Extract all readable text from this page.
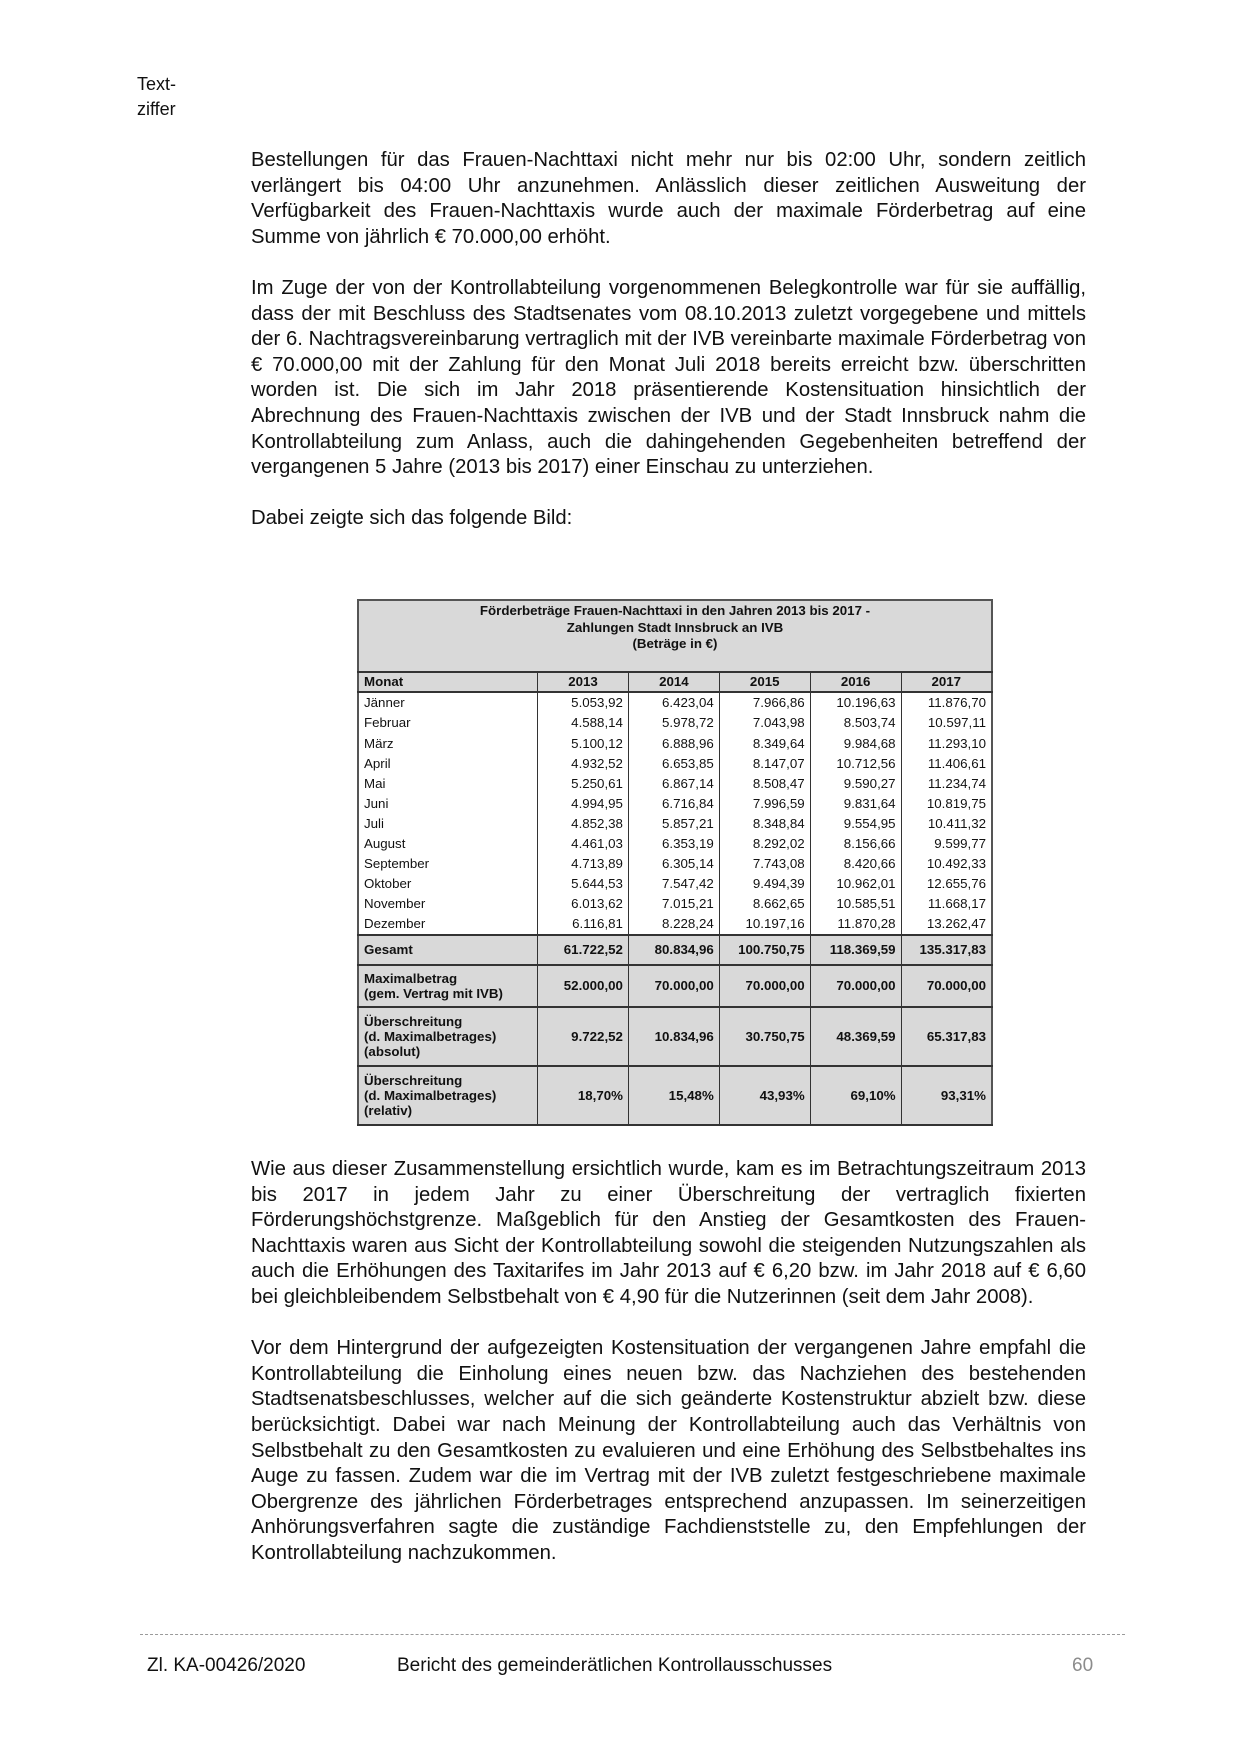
Text-
ziffer

Bestellungen für das Frauen-Nachttaxi nicht mehr nur bis 02:00 Uhr, sondern zeitlich verlängert bis 04:00 Uhr anzunehmen. Anlässlich dieser zeitlichen Ausweitung der Verfügbarkeit des Frauen-Nachttaxis wurde auch der maximale Förderbetrag auf eine Summe von jährlich € 70.000,00 erhöht.

Im Zuge der von der Kontrollabteilung vorgenommenen Belegkontrolle war für sie auffällig, dass der mit Beschluss des Stadtsenates vom 08.10.2013 zuletzt vorgegebene und mittels der 6. Nachtragsvereinbarung vertraglich mit der IVB vereinbarte maximale Förderbetrag von € 70.000,00 mit der Zahlung für den Monat Juli 2018 bereits erreicht bzw. überschritten worden ist. Die sich im Jahr 2018 präsentierende Kostensituation hinsichtlich der Abrechnung des Frauen-Nachttaxis zwischen der IVB und der Stadt Innsbruck nahm die Kontrollabteilung zum Anlass, auch die dahingehenden Gegebenheiten betreffend der vergangenen 5 Jahre (2013 bis 2017) einer Einschau zu unterziehen.

Dabei zeigte sich das folgende Bild:

Förderbeträge Frauen-Nachttaxi in den Jahren 2013 bis 2017 -
Zahlungen Stadt Innsbruck an IVB
(Beträge in €)					

Monat	2013	2014	2015	2016	2017
Jänner	5.053,92	6.423,04	7.966,86	10.196,63	11.876,70
Februar	4.588,14	5.978,72	7.043,98	8.503,74	10.597,11
März	5.100,12	6.888,96	8.349,64	9.984,68	11.293,10
April	4.932,52	6.653,85	8.147,07	10.712,56	11.406,61
Mai	5.250,61	6.867,14	8.508,47	9.590,27	11.234,74
Juni	4.994,95	6.716,84	7.996,59	9.831,64	10.819,75
Juli	4.852,38	5.857,21	8.348,84	9.554,95	10.411,32
August	4.461,03	6.353,19	8.292,02	8.156,66	9.599,77
September	4.713,89	6.305,14	7.743,08	8.420,66	10.492,33
Oktober	5.644,53	7.547,42	9.494,39	10.962,01	12.655,76
November	6.013,62	7.015,21	8.662,65	10.585,51	11.668,17
Dezember	6.116,81	8.228,24	10.197,16	11.870,28	13.262,47
Gesamt	61.722,52	80.834,96	100.750,75	118.369,59	135.317,83

Maximalbetrag
(gem. Vertrag mit IVB)	52.000,00	70.000,00	70.000,00	70.000,00	70.000,00

Überschreitung
(d. Maximalbetrages)
(absolut)	9.722,52	10.834,96	30.750,75	48.369,59	65.317,83

Überschreitung
(d. Maximalbetrages)
(relativ)	18,70%	15,48%	43,93%	69,10%	93,31%

Wie aus dieser Zusammenstellung ersichtlich wurde, kam es im Betrachtungszeitraum 2013 bis 2017 in jedem Jahr zu einer Überschreitung der vertraglich fixierten Förderungshöchstgrenze. Maßgeblich für den Anstieg der Gesamtkosten des Frauen-Nachttaxis waren aus Sicht der Kontrollabteilung sowohl die steigenden Nutzungszahlen als auch die Erhöhungen des Taxitarifes im Jahr 2013 auf € 6,20 bzw. im Jahr 2018 auf € 6,60 bei gleichbleibendem Selbstbehalt von € 4,90 für die Nutzerinnen (seit dem Jahr 2008).

Vor dem Hintergrund der aufgezeigten Kostensituation der vergangenen Jahre empfahl die Kontrollabteilung die Einholung eines neuen bzw. das Nachziehen des bestehenden Stadtsenatsbeschlusses, welcher auf die sich geänderte Kostenstruktur abzielt bzw. diese berücksichtigt. Dabei war nach Meinung der Kontrollabteilung auch das Verhältnis von Selbstbehalt zu den Gesamtkosten zu evaluieren und eine Erhöhung des Selbstbehaltes ins Auge zu fassen. Zudem war die im Vertrag mit der IVB zuletzt festgeschriebene maximale Obergrenze des jährlichen Förderbetrages entsprechend anzupassen. Im seinerzeitigen Anhörungsverfahren sagte die zuständige Fachdienststelle zu, den Empfehlungen der Kontrollabteilung nachzukommen.

Zl. KA-00426/2020	Bericht des gemeinderätlichen Kontrollausschusses	60
